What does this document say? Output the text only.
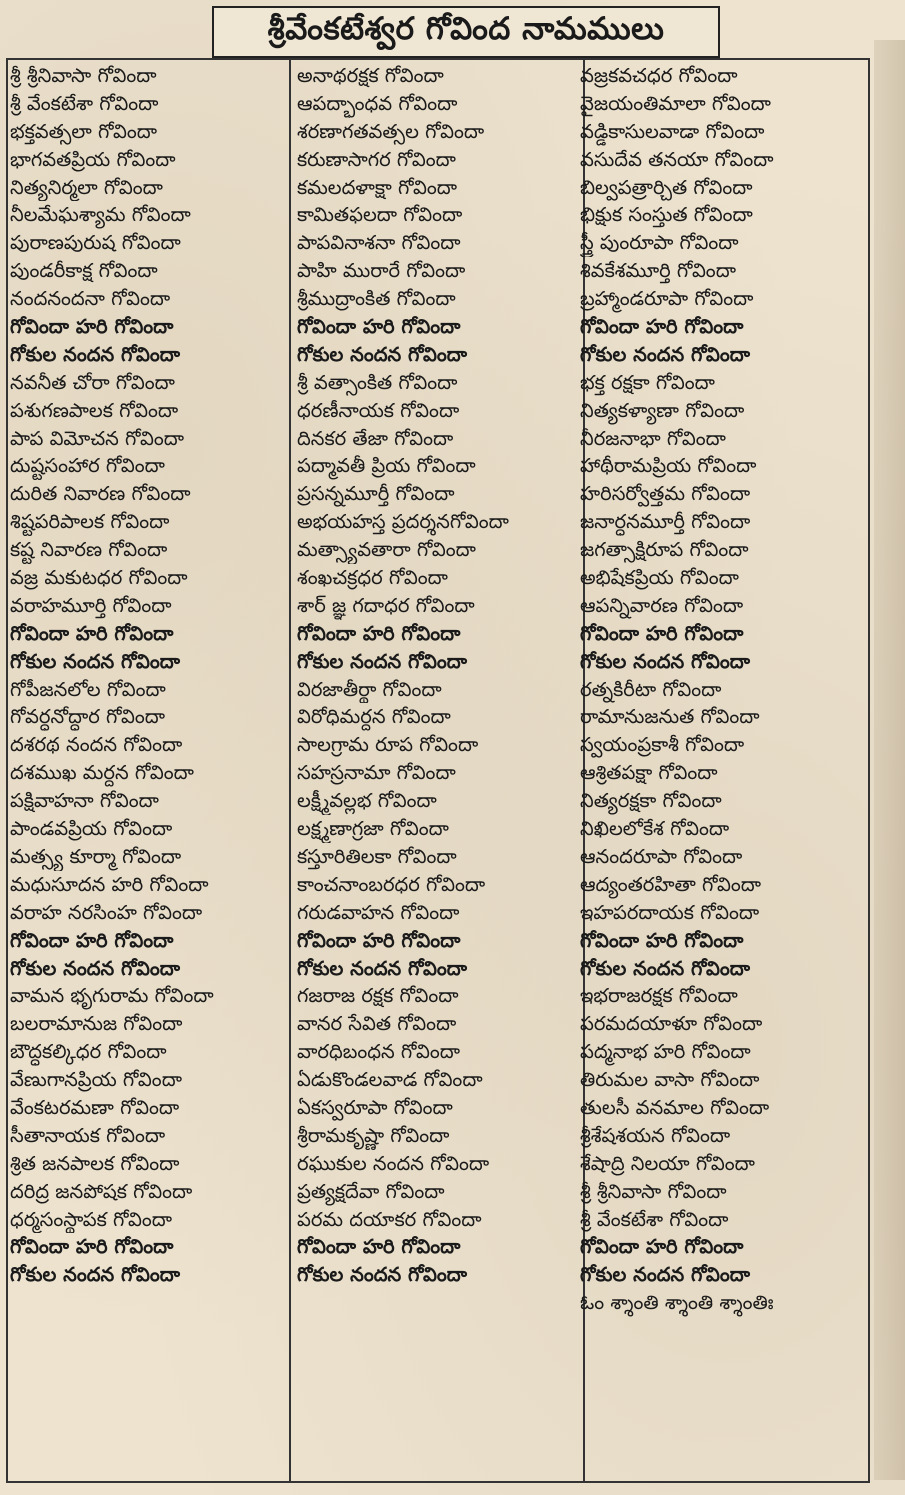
శ్రీవేంకటేశ్వర గోవింద నామములు
శ్రీ శ్రీనివాసా గోవిందా
శ్రీ వేంకటేశా గోవిందా
భక్తవత్సలా గోవిందా
భాగవతప్రియ గోవిందా
నిత్యనిర్మలా గోవిందా
నీలమేఘశ్యామ గోవిందా
పురాణపురుష గోవిందా
పుండరీకాక్ష గోవిందా
నందనందనా గోవిందా
గోవిందా హరి గోవిందా
గోకుల నందన గోవిందా
నవనీత చోరా గోవిందా
పశుగణపాలక గోవిందా
పాప విమోచన గోవిందా
దుష్టసంహార గోవిందా
దురిత నివారణ గోవిందా
శిష్టపరిపాలక గోవిందా
కష్ట నివారణ గోవిందా
వజ్ర మకుటధర గోవిందా
వరాహమూర్తి గోవిందా
గోవిందా హరి గోవిందా
గోకుల నందన గోవిందా
గోపీజనలోల గోవిందా
గోవర్ధనోద్ధార గోవిందా
దశరథ నందన గోవిందా
దశముఖ మర్దన గోవిందా
పక్షివాహనా గోవిందా
పాండవప్రియ గోవిందా
మత్స్య కూర్మా గోవిందా
మధుసూదన హరి గోవిందా
వరాహ నరసింహ గోవిందా
గోవిందా హరి గోవిందా
గోకుల నందన గోవిందా
వామన భృగురామ గోవిందా
బలరామానుజ గోవిందా
బౌద్ధకల్కిధర గోవిందా
వేణుగానప్రియ గోవిందా
వేంకటరమణా గోవిందా
సీతానాయక గోవిందా
శ్రిత జనపాలక గోవిందా
దరిద్ర జనపోషక గోవిందా
ధర్మసంస్థాపక గోవిందా
గోవిందా హరి గోవిందా
గోకుల నందన గోవిందా
అనాథరక్షక గోవిందా
ఆపద్భాంధవ గోవిందా
శరణాగతవత్సల గోవిందా
కరుణాసాగర గోవిందా
కమలదళాక్షా గోవిందా
కామితఫలదా గోవిందా
పాపవినాశనా గోవిందా
పాహి మురారే గోవిందా
శ్రీముద్రాంకిత గోవిందా
గోవిందా హరి గోవిందా
గోకుల నందన గోవిందా
శ్రీ వత్సాంకిత గోవిందా
ధరణీనాయక గోవిందా
దినకర తేజా గోవిందా
పద్మావతీ ప్రియ గోవిందా
ప్రసన్నమూర్తీ గోవిందా
అభయహస్త ప్రదర్శనగోవిందా
మత్స్యావతారా గోవిందా
శంఖచక్రధర గోవిందా
శార్ జ్ఞ గదాధర గోవిందా
గోవిందా హరి గోవిందా
గోకుల నందన గోవిందా
విరజాతీర్థా గోవిందా
విరోధిమర్దన గోవిందా
సాలగ్రామ రూప గోవిందా
సహస్రనామా గోవిందా
లక్ష్మీవల్లభ గోవిందా
లక్ష్మణాగ్రజా గోవిందా
కస్తూరితిలకా గోవిందా
కాంచనాంబరధర గోవిందా
గరుడవాహన గోవిందా
గోవిందా హరి గోవిందా
గోకుల నందన గోవిందా
గజరాజ రక్షక గోవిందా
వానర సేవిత గోవిందా
వారధిబంధన గోవిందా
ఏడుకొండలవాడ గోవిందా
ఏకస్వరూపా గోవిందా
శ్రీరామకృష్ణా గోవిందా
రఘుకుల నందన గోవిందా
ప్రత్యక్షదేవా గోవిందా
పరమ దయాకర గోవిందా
గోవిందా హరి గోవిందా
గోకుల నందన గోవిందా
వజ్రకవచధర గోవిందా
వైజయంతిమాలా గోవిందా
వడ్డికాసులవాడా గోవిందా
వసుదేవ తనయా గోవిందా
బిల్వపత్రార్చిత గోవిందా
భిక్షుక సంస్తుత గోవిందా
స్త్రీ పుంరూపా గోవిందా
శివకేశమూర్తి గోవిందా
బ్రహ్మాండరూపా గోవిందా
గోవిందా హరి గోవిందా
గోకుల నందన గోవిందా
భక్త రక్షకా గోవిందా
నిత్యకళ్యాణా గోవిందా
నీరజనాభా గోవిందా
హాథీరామప్రియ గోవిందా
హరిసర్వోత్తమ గోవిందా
జనార్ధనమూర్తీ గోవిందా
జగత్సాక్షిరూప గోవిందా
అభిషేకప్రియ గోవిందా
ఆపన్నివారణ గోవిందా
గోవిందా హరి గోవిందా
గోకుల నందన గోవిందా
రత్నకిరీటా గోవిందా
రామానుజనుత గోవిందా
స్వయంప్రకాశీ గోవిందా
ఆశ్రితపక్షా గోవిందా
నిత్యరక్షకా గోవిందా
నిఖిలలోకేశ గోవిందా
ఆనందరూపా గోవిందా
ఆద్యంతరహితా గోవిందా
ఇహపరదాయక గోవిందా
గోవిందా హరి గోవిందా
గోకుల నందన గోవిందా
ఇభరాజరక్షక గోవిందా
పరమదయాళూ గోవిందా
పద్మనాభ హరి గోవిందా
తిరుమల వాసా గోవిందా
తులసీ వనమాల గోవిందా
శ్రీశేషశయన గోవిందా
శేషాద్రి నిలయా గోవిందా
శ్రీ శ్రీనివాసా గోవిందా
శ్రీ వేంకటేశా గోవిందా
గోవిందా హరి గోవిందా
గోకుల నందన గోవిందా
ఓం శ్శాంతి శ్శాంతి శ్శాంతిః
